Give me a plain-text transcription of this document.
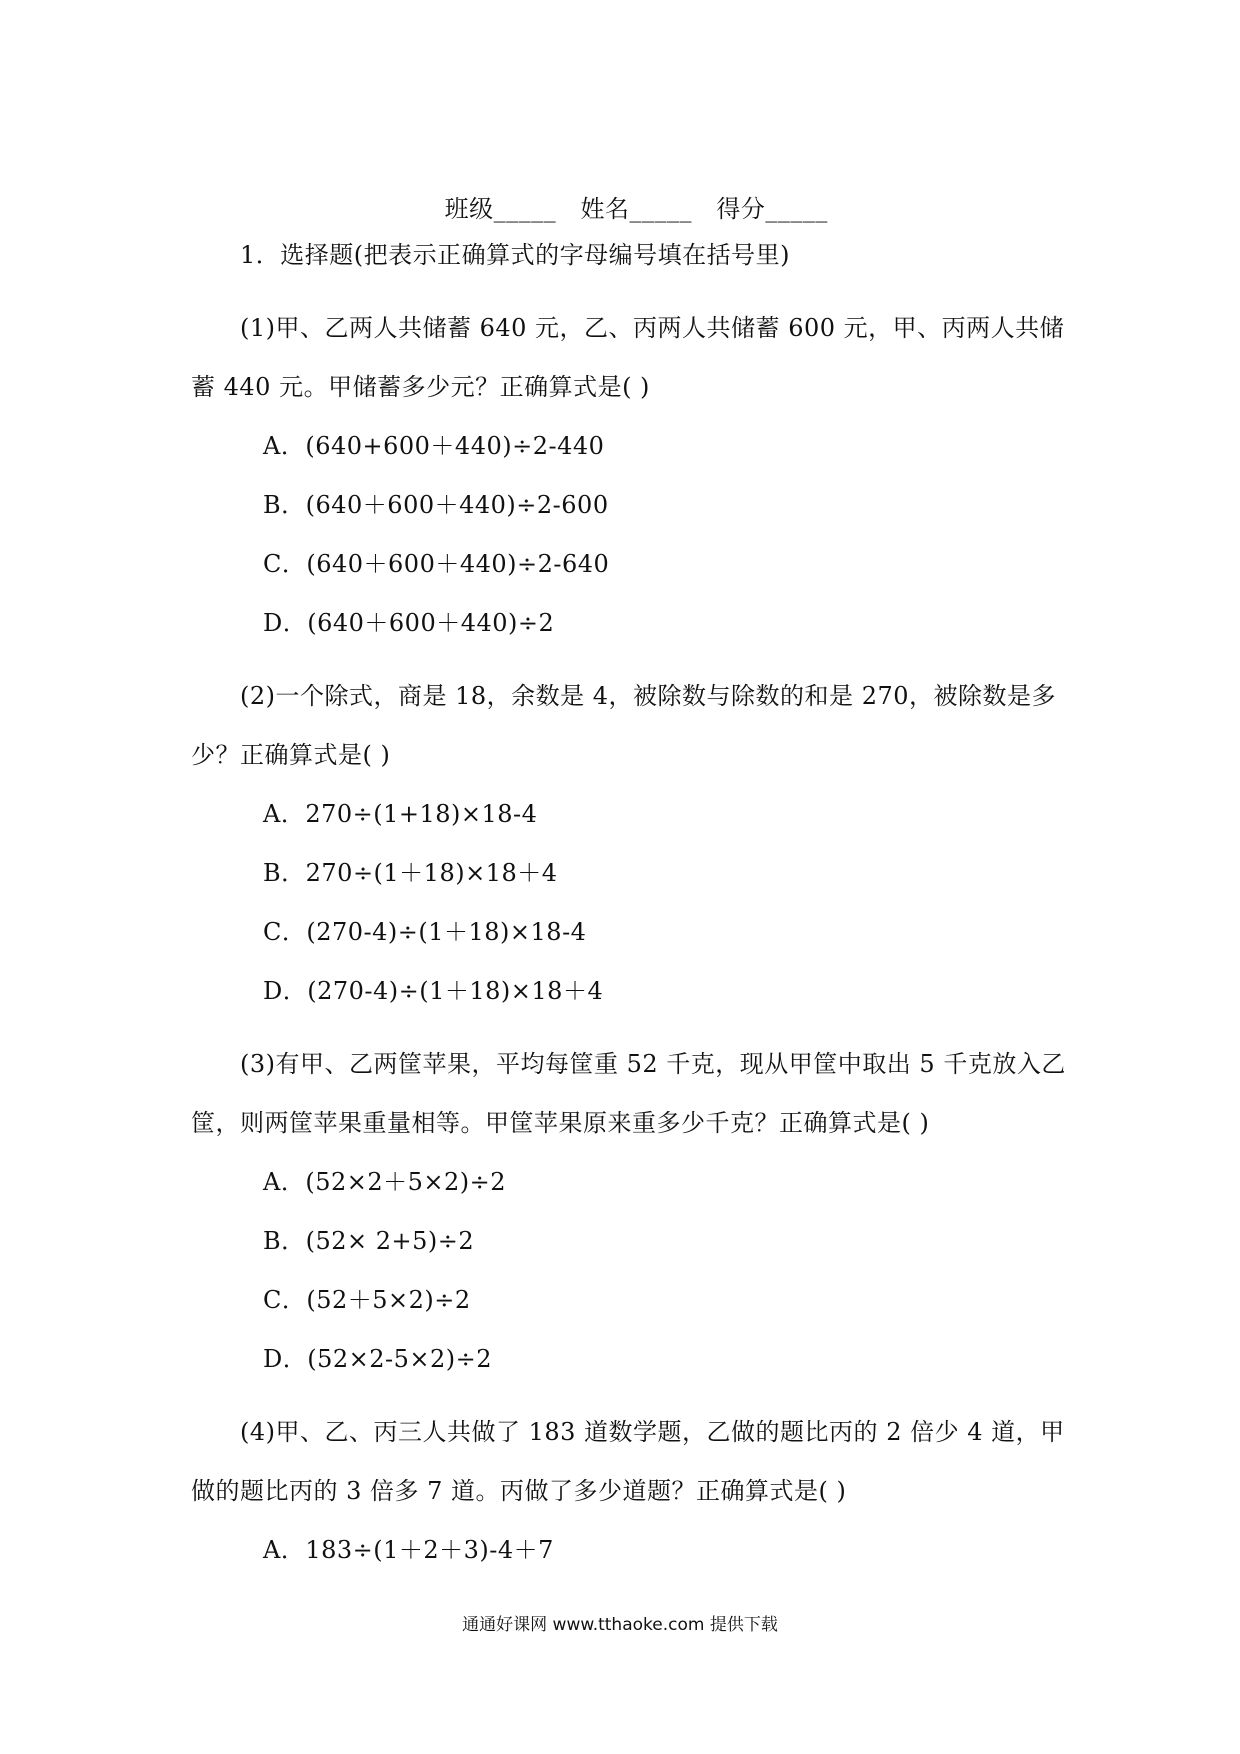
班级_____ 姓名_____ 得分_____

1．选择题(把表示正确算式的字母编号填在括号里)
(1)甲、乙两人共储蓄 640 元，乙、丙两人共储蓄 600 元，甲、丙两人共储
蓄 440 元。甲储蓄多少元？正确算式是( )
A．(640+600＋440)÷2-440
B．(640＋600＋440)÷2-600
C．(640＋600＋440)÷2-640
D．(640＋600＋440)÷2
(2)一个除式，商是 18，余数是 4，被除数与除数的和是 270，被除数是多
少？正确算式是( )
A．270÷(1+18)×18-4
B．270÷(1＋18)×18＋4
C．(270-4)÷(1＋18)×18-4
D．(270-4)÷(1＋18)×18＋4
(3)有甲、乙两筐苹果，平均每筐重 52 千克，现从甲筐中取出 5 千克放入乙
筐，则两筐苹果重量相等。甲筐苹果原来重多少千克？正确算式是( )
A．(52×2＋5×2)÷2
B．(52× 2+5)÷2
C．(52＋5×2)÷2
D．(52×2-5×2)÷2
(4)甲、乙、丙三人共做了 183 道数学题，乙做的题比丙的 2 倍少 4 道，甲
做的题比丙的 3 倍多 7 道。丙做了多少道题？正确算式是( )
A．183÷(1＋2＋3)-4＋7
通通好课网 www.tthaoke.com 提供下载
